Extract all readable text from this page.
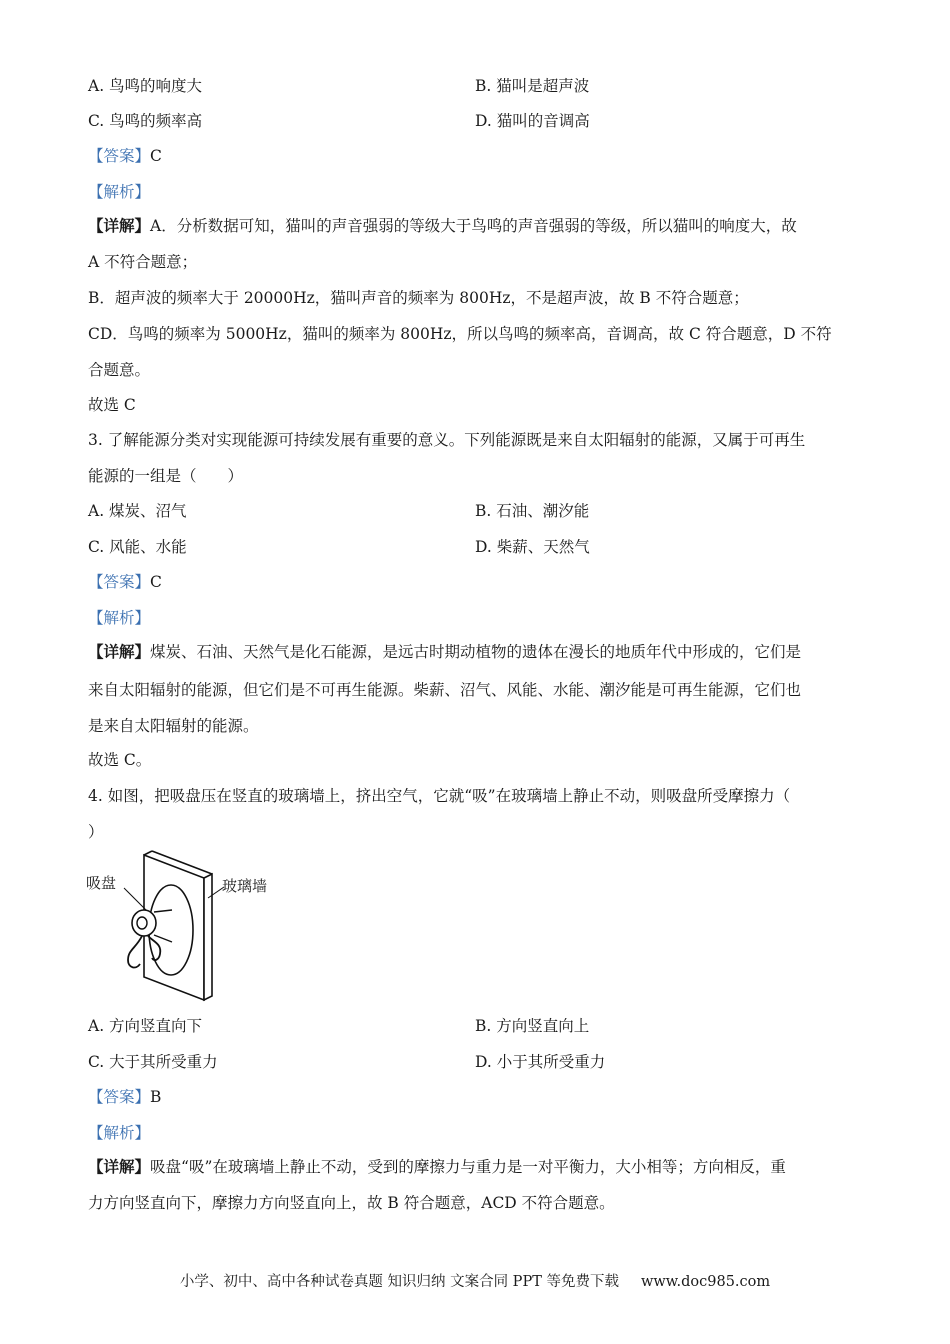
A. 鸟鸣的响度大	B. 猫叫是超声波
C. 鸟鸣的频率高	D. 猫叫的音调高
【答案】C
【解析】
【详解】A．分析数据可知，猫叫的声音强弱的等级大于鸟鸣的声音强弱的等级，所以猫叫的响度大，故
A 不符合题意；
B．超声波的频率大于 20000Hz，猫叫声音的频率为 800Hz，不是超声波，故 B 不符合题意；
CD．鸟鸣的频率为 5000Hz，猫叫的频率为 800Hz，所以鸟鸣的频率高，音调高，故 C 符合题意，D 不符
合题意。
故选 C
3. 了解能源分类对实现能源可持续发展有重要的意义。下列能源既是来自太阳辐射的能源，又属于可再生
能源的一组是（　　）
A. 煤炭、沼气	B. 石油、潮汐能
C. 风能、水能	D. 柴薪、天然气
【答案】C
【解析】
【详解】煤炭、石油、天然气是化石能源，是远古时期动植物的遗体在漫长的地质年代中形成的，它们是
来自太阳辐射的能源，但它们是不可再生能源。柴薪、沼气、风能、水能、潮汐能是可再生能源，它们也
是来自太阳辐射的能源。
故选 C。
4. 如图，把吸盘压在竖直的玻璃墙上，挤出空气，它就“吸”在玻璃墙上静止不动，则吸盘所受摩擦力（
）
吸盘	玻璃墙
A. 方向竖直向下	B. 方向竖直向上
C. 大于其所受重力	D. 小于其所受重力
【答案】B
【解析】
【详解】吸盘“吸”在玻璃墙上静止不动，受到的摩擦力与重力是一对平衡力，大小相等；方向相反，重
力方向竖直向下，摩擦力方向竖直向上，故 B 符合题意，ACD 不符合题意。
小学、初中、高中各种试卷真题 知识归纳 文案合同 PPT 等免费下载 www.doc985.com
